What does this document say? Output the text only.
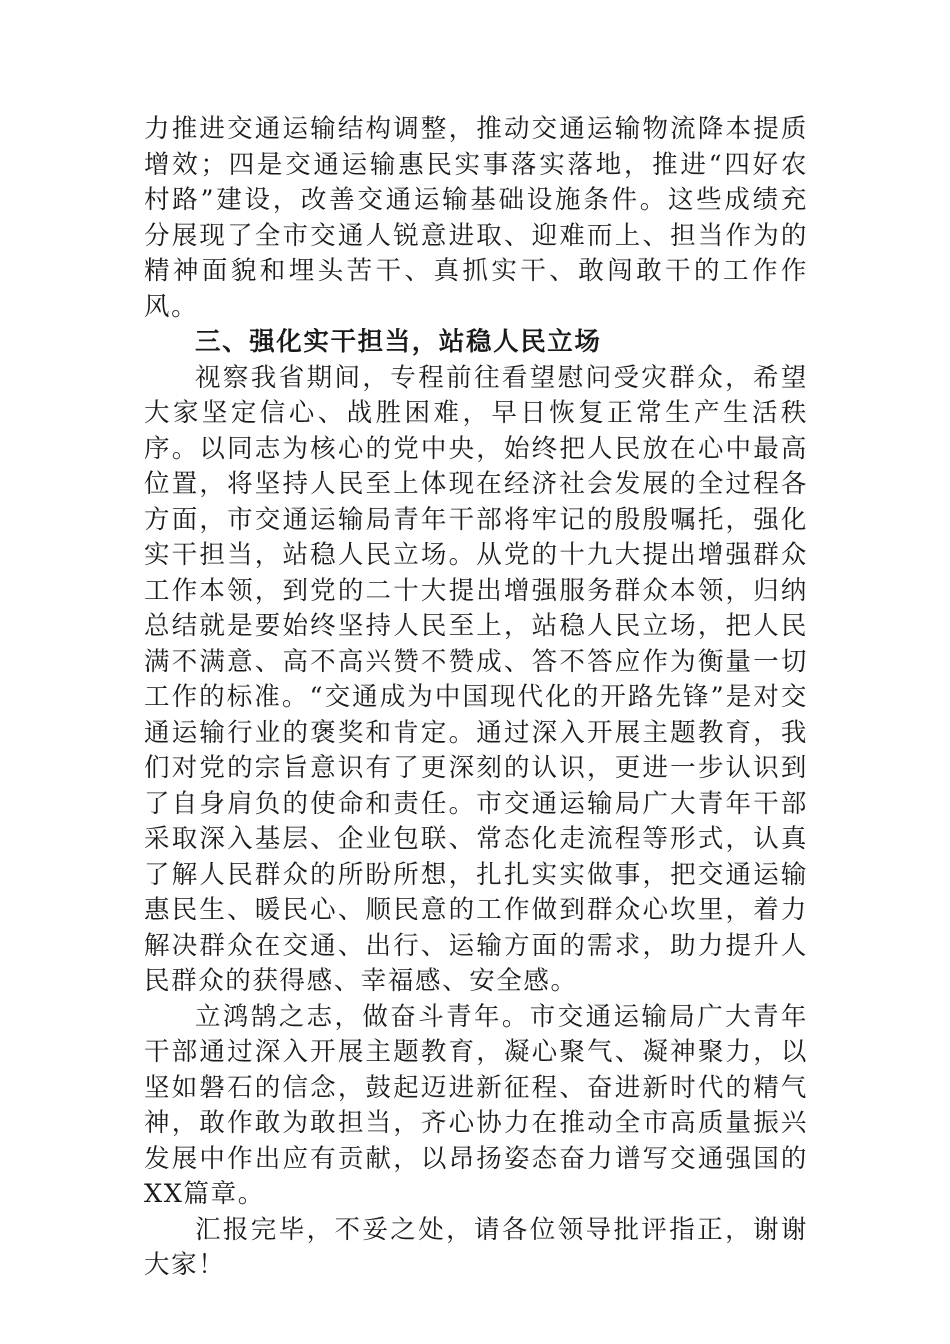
力推进交通运输结构调整，推动交通运输物流降本提质增效；四是交通运输惠民实事落实落地，推进“四好农村路”建设，改善交通运输基础设施条件。这些成绩充分展现了全市交通人锐意进取、迎难而上、担当作为的精神面貌和埋头苦干、真抓实干、敢闯敢干的工作作风。

三、强化实干担当，站稳人民立场

视察我省期间，专程前往看望慰问受灾群众，希望大家坚定信心、战胜困难，早日恢复正常生产生活秩序。以同志为核心的党中央，始终把人民放在心中最高位置，将坚持人民至上体现在经济社会发展的全过程各方面，市交通运输局青年干部将牢记的殷殷嘱托，强化实干担当，站稳人民立场。从党的十九大提出增强群众工作本领，到党的二十大提出增强服务群众本领，归纳总结就是要始终坚持人民至上，站稳人民立场，把人民满不满意、高不高兴赞不赞成、答不答应作为衡量一切工作的标准。“交通成为中国现代化的开路先锋”是对交通运输行业的褒奖和肯定。通过深入开展主题教育，我们对党的宗旨意识有了更深刻的认识，更进一步认识到了自身肩负的使命和责任。市交通运输局广大青年干部采取深入基层、企业包联、常态化走流程等形式，认真了解人民群众的所盼所想，扎扎实实做事，把交通运输惠民生、暖民心、顺民意的工作做到群众心坎里，着力解决群众在交通、出行、运输方面的需求，助力提升人民群众的获得感、幸福感、安全感。

立鸿鹄之志，做奋斗青年。市交通运输局广大青年干部通过深入开展主题教育，凝心聚气、凝神聚力，以坚如磐石的信念，鼓起迈进新征程、奋进新时代的精气神，敢作敢为敢担当，齐心协力在推动全市高质量振兴发展中作出应有贡献，以昂扬姿态奋力谱写交通强国的XX篇章。

汇报完毕，不妥之处，请各位领导批评指正，谢谢大家！
